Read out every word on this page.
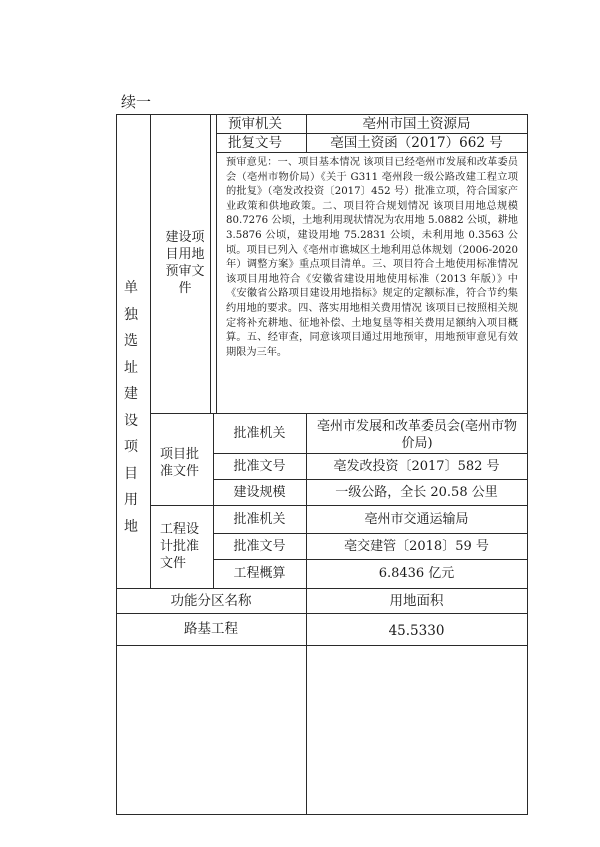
续一
单
独
选
址
建
设
项
目
用
地
建设项目用地预审文件
预审机关	亳州市国土资源局
批复文号	亳国土资函（2017）662 号
预审意见：一、项目基本情况 该项目已经亳州市发展和改革委员会（亳州市物价局）《关于 G311 亳州段一级公路改建工程立项的批复》（亳发改投资〔2017〕452 号）批准立项，符合国家产业政策和供地政策。二、项目符合规划情况 该项目用地总规模 80.7276 公顷，土地利用现状情况为农用地 5.0882 公顷，耕地 3.5876 公顷，建设用地 75.2831 公顷，未利用地 0.3563 公顷。项目已列入《亳州市谯城区土地利用总体规划（2006-2020 年）调整方案》重点项目清单。三、项目符合土地使用标准情况 该项目用地符合《安徽省建设用地使用标准（2013 年版）》中《安徽省公路项目建设用地指标》规定的定额标准，符合节约集约用地的要求。四、落实用地相关费用情况 该项目已按照相关规定将补充耕地、征地补偿、土地复垦等相关费用足额纳入项目概算。五、经审查，同意该项目通过用地预审，用地预审意见有效期限为三年。
项目批准文件
批准机关	亳州市发展和改革委员会(亳州市物价局)
批准文号	亳发改投资〔2017〕582 号
建设规模	一级公路，全长 20.58 公里
工程设计批准文件
批准机关	亳州市交通运输局
批准文号	亳交建管〔2018〕59 号
工程概算	6.8436 亿元
功能分区名称	用地面积
路基工程	45.5330
